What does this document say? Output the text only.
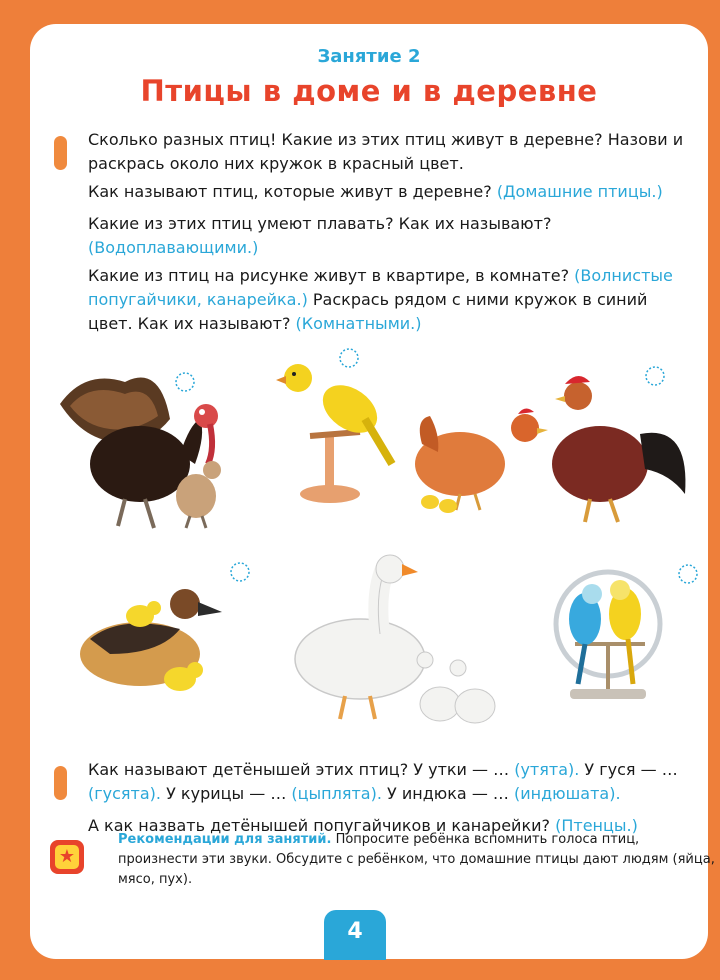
Занятие 2
Птицы в доме и в деревне
Сколько разных птиц! Какие из этих птиц живут в деревне? Назови и раскрась около них кружок в красный цвет.
Как называют птиц, которые живут в деревне? (Домашние птицы.)
Какие из этих птиц умеют плавать? Как их называют?
(Водоплавающими.)
Какие из птиц на рисунке живут в квартире, в комнате? (Волнистые попугайчики, канарейка.) Раскрась рядом с ними кружок в синий цвет. Как их называют? (Комнатными.)
Как называют детёнышей этих птиц? У утки — … (утята). У гуся — … (гусята). У курицы — … (цыплята). У индюка — … (индюшата).
А как назвать детёнышей попугайчиков и канарейки? (Птенцы.)
★
Рекомендации для занятий. Попросите ребёнка вспомнить голоса птиц, произнести эти звуки. Обсудите с ребёнком, что домашние птицы дают людям (яйца, мясо, пух).
4
